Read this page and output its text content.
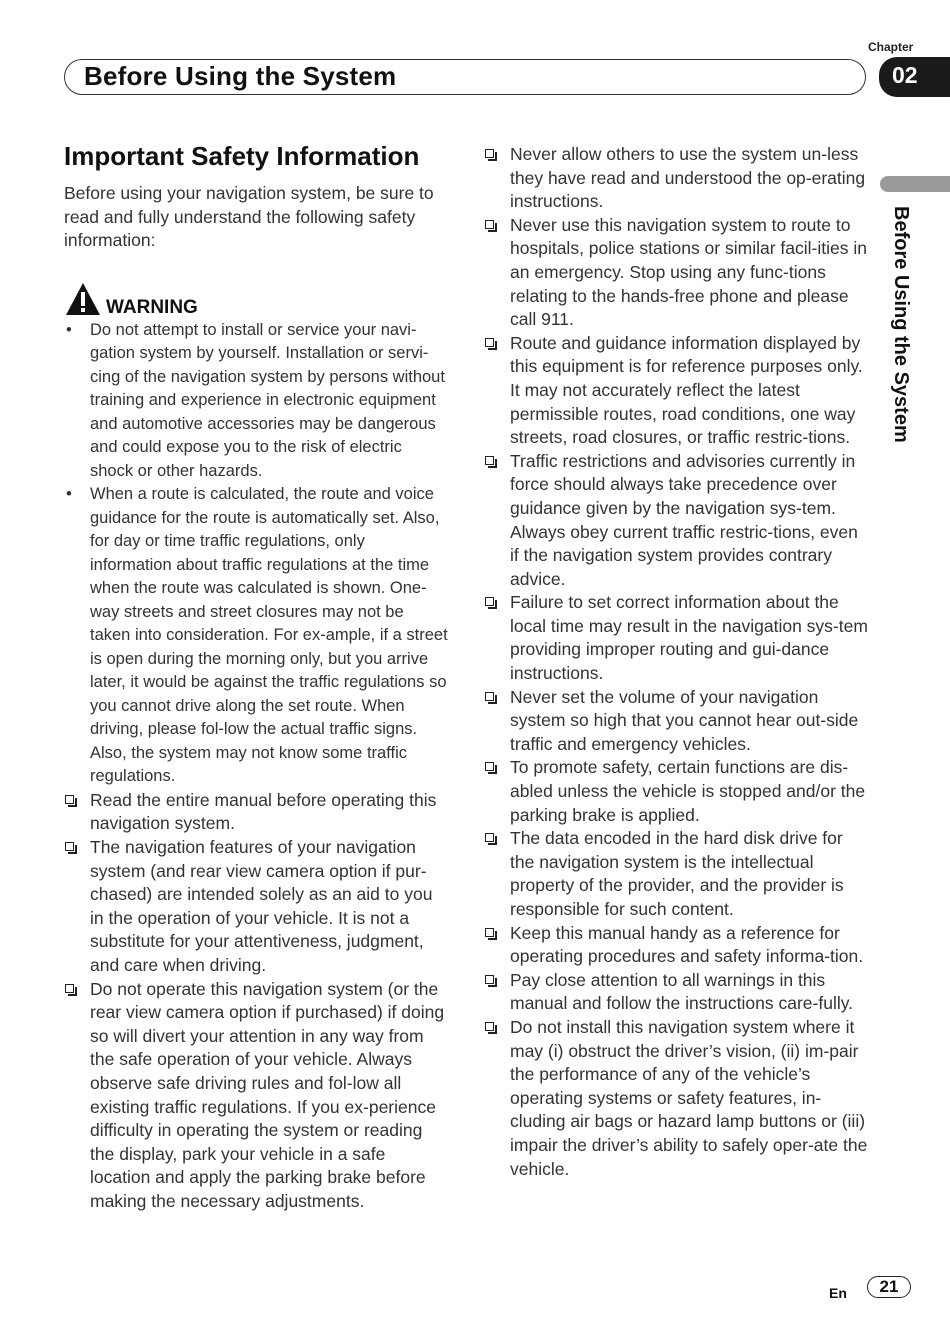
Before Using the System
Chapter
02
Before Using the System
Important Safety Information

Before using your navigation system, be sure to read and fully understand the following safety information:

WARNING
• Do not attempt to install or service your navi-gation system by yourself. Installation or servi-cing of the navigation system by persons without training and experience in electronic equipment and automotive accessories may be dangerous and could expose you to the risk of electric shock or other hazards.
• When a route is calculated, the route and voice guidance for the route is automatically set. Also, for day or time traffic regulations, only information about traffic regulations at the time when the route was calculated is shown. One-way streets and street closures may not be taken into consideration. For ex-ample, if a street is open during the morning only, but you arrive later, it would be against the traffic regulations so you cannot drive along the set route. When driving, please fol-low the actual traffic signs. Also, the system may not know some traffic regulations.
Read the entire manual before operating this navigation system.
The navigation features of your navigation system (and rear view camera option if pur-chased) are intended solely as an aid to you in the operation of your vehicle. It is not a substitute for your attentiveness, judgment, and care when driving.
Do not operate this navigation system (or the rear view camera option if purchased) if doing so will divert your attention in any way from the safe operation of your vehicle. Always observe safe driving rules and fol-low all existing traffic regulations. If you ex-perience difficulty in operating the system or reading the display, park your vehicle in a safe location and apply the parking brake before making the necessary adjustments.
Never allow others to use the system un-less they have read and understood the op-erating instructions.
Never use this navigation system to route to hospitals, police stations or similar facil-ities in an emergency. Stop using any func-tions relating to the hands-free phone and please call 911.
Route and guidance information displayed by this equipment is for reference purposes only. It may not accurately reflect the latest permissible routes, road conditions, one way streets, road closures, or traffic restric-tions.
Traffic restrictions and advisories currently in force should always take precedence over guidance given by the navigation sys-tem. Always obey current traffic restric-tions, even if the navigation system provides contrary advice.
Failure to set correct information about the local time may result in the navigation sys-tem providing improper routing and gui-dance instructions.
Never set the volume of your navigation system so high that you cannot hear out-side traffic and emergency vehicles.
To promote safety, certain functions are dis-abled unless the vehicle is stopped and/or the parking brake is applied.
The data encoded in the hard disk drive for the navigation system is the intellectual property of the provider, and the provider is responsible for such content.
Keep this manual handy as a reference for operating procedures and safety informa-tion.
Pay close attention to all warnings in this manual and follow the instructions care-fully.
Do not install this navigation system where it may (i) obstruct the driver’s vision, (ii) im-pair the performance of any of the vehicle’s operating systems or safety features, in-cluding air bags or hazard lamp buttons or (iii) impair the driver’s ability to safely oper-ate the vehicle.
En	21
